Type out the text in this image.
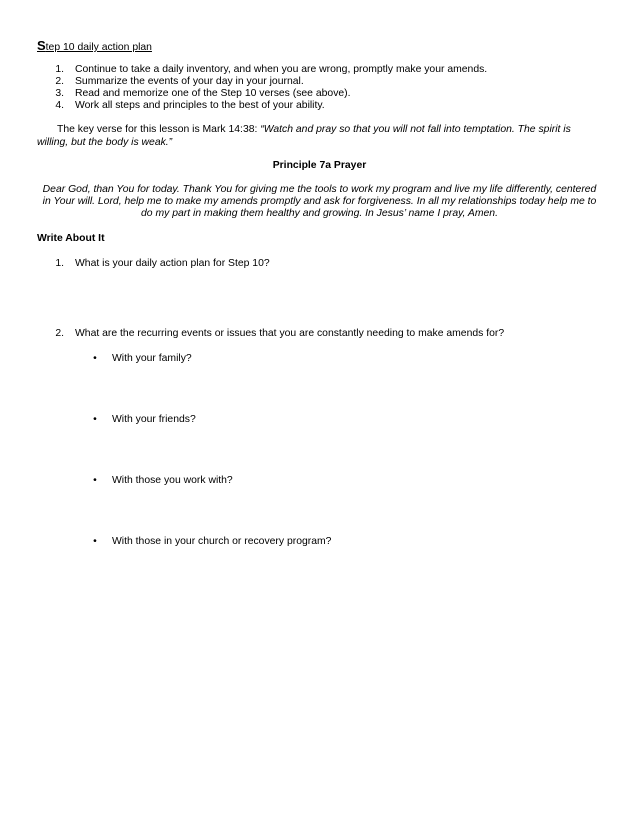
Step 10 daily action plan
1. Continue to take a daily inventory, and when you are wrong, promptly make your amends.
2. Summarize the events of your day in your journal.
3. Read and memorize one of the Step 10 verses (see above).
4. Work all steps and principles to the best of your ability.
The key verse for this lesson is Mark 14:38: “Watch and pray so that you will not fall into temptation. The spirit is
willing, but the body is weak.”
Principle 7a Prayer
Dear God, than You for today. Thank You for giving me the tools to work my program and live my life differently, centered
in Your will. Lord, help me to make my amends promptly and ask for forgiveness. In all my relationships today help me to
do my part in making them healthy and growing. In Jesus’ name I pray, Amen.
Write About It
1. What is your daily action plan for Step 10?
2. What are the recurring events or issues that you are constantly needing to make amends for?
•	With your family?
•	With your friends?
•	With those you work with?
•	With those in your church or recovery program?
